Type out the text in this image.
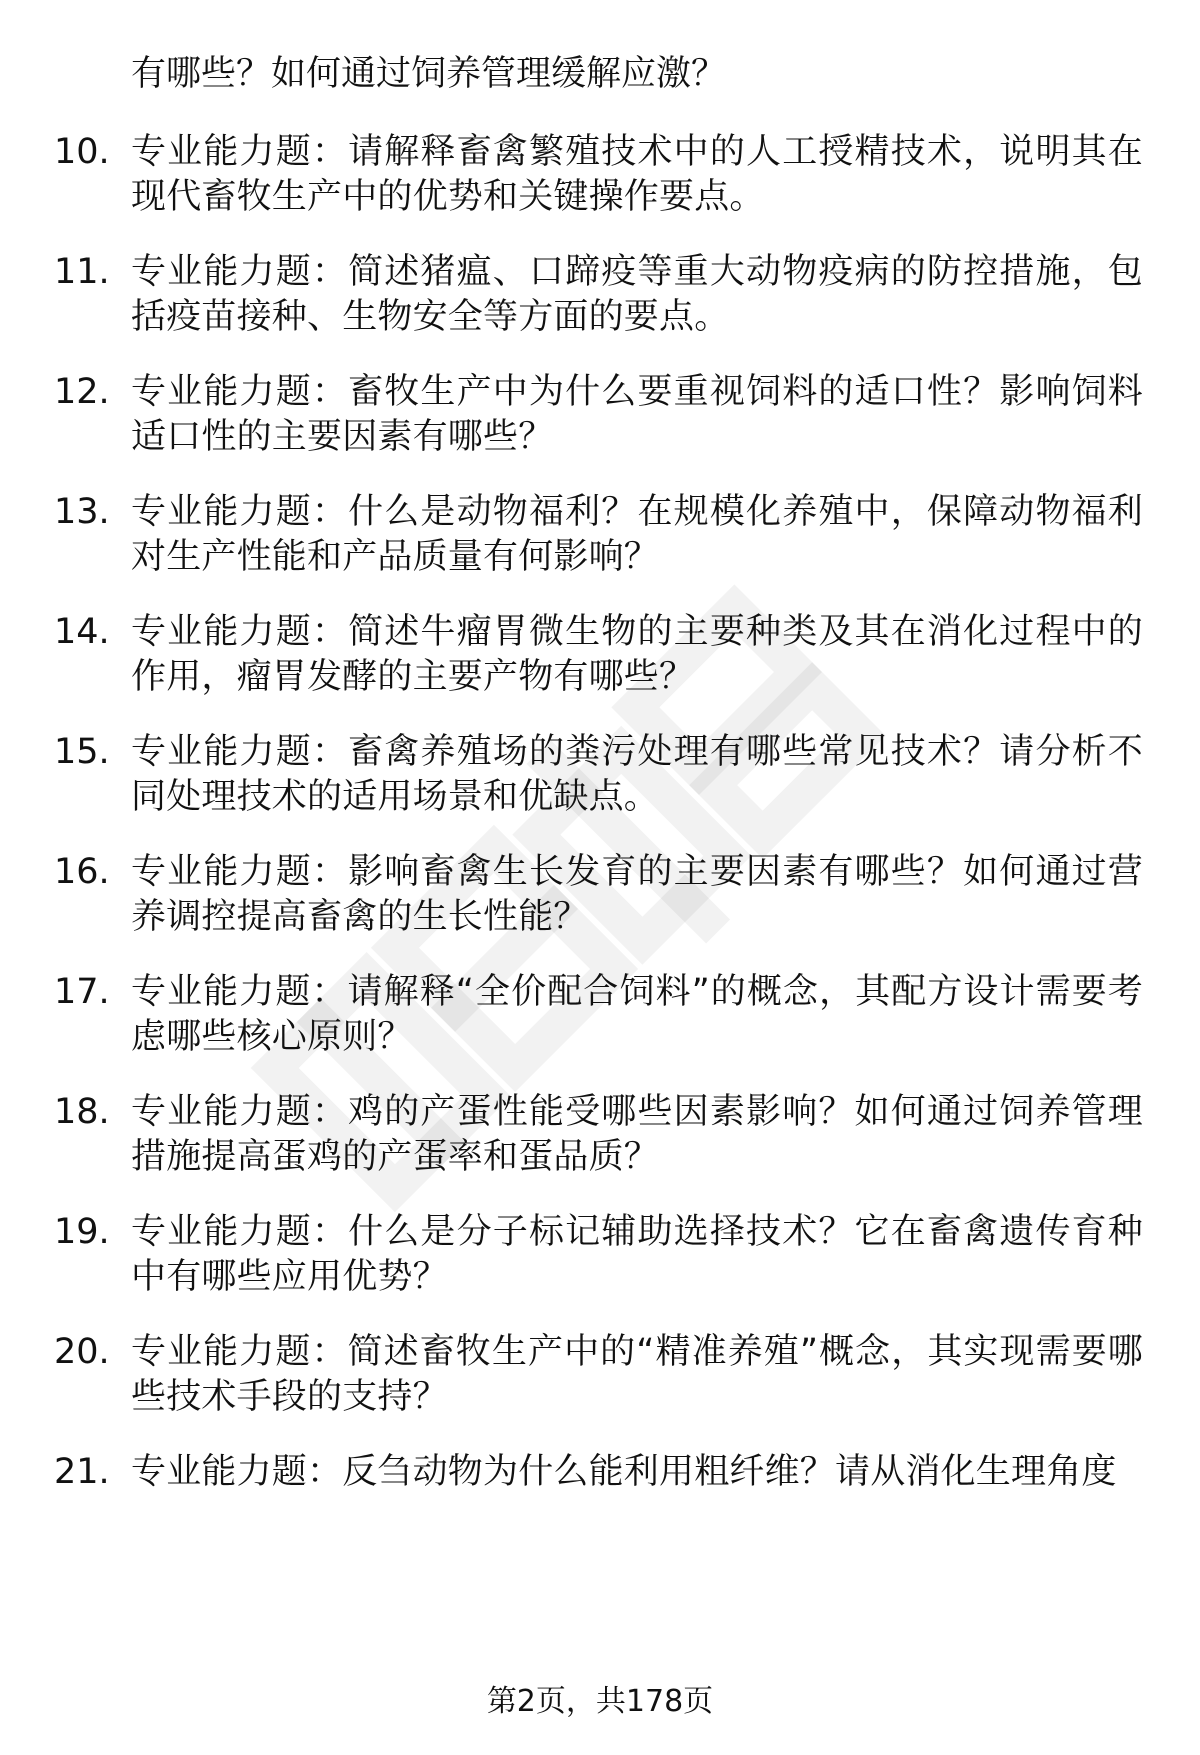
有哪些？如何通过饲养管理缓解应激？
10. 专业能力题：请解释畜禽繁殖技术中的人工授精技术，说明其在现代畜牧生产中的优势和关键操作要点。
11. 专业能力题：简述猪瘟、口蹄疫等重大动物疫病的防控措施，包括疫苗接种、生物安全等方面的要点。
12. 专业能力题：畜牧生产中为什么要重视饲料的适口性？影响饲料适口性的主要因素有哪些？
13. 专业能力题：什么是动物福利？在规模化养殖中，保障动物福利对生产性能和产品质量有何影响？
14. 专业能力题：简述牛瘤胃微生物的主要种类及其在消化过程中的作用，瘤胃发酵的主要产物有哪些？
15. 专业能力题：畜禽养殖场的粪污处理有哪些常见技术？请分析不同处理技术的适用场景和优缺点。
16. 专业能力题：影响畜禽生长发育的主要因素有哪些？如何通过营养调控提高畜禽的生长性能？
17. 专业能力题：请解释“全价配合饲料”的概念，其配方设计需要考虑哪些核心原则？
18. 专业能力题：鸡的产蛋性能受哪些因素影响？如何通过饲养管理措施提高蛋鸡的产蛋率和蛋品质？
19. 专业能力题：什么是分子标记辅助选择技术？它在畜禽遗传育种中有哪些应用优势？
20. 专业能力题：简述畜牧生产中的“精准养殖”概念，其实现需要哪些技术手段的支持？
21. 专业能力题：反刍动物为什么能利用粗纤维？请从消化生理角度
第2页，共178页
